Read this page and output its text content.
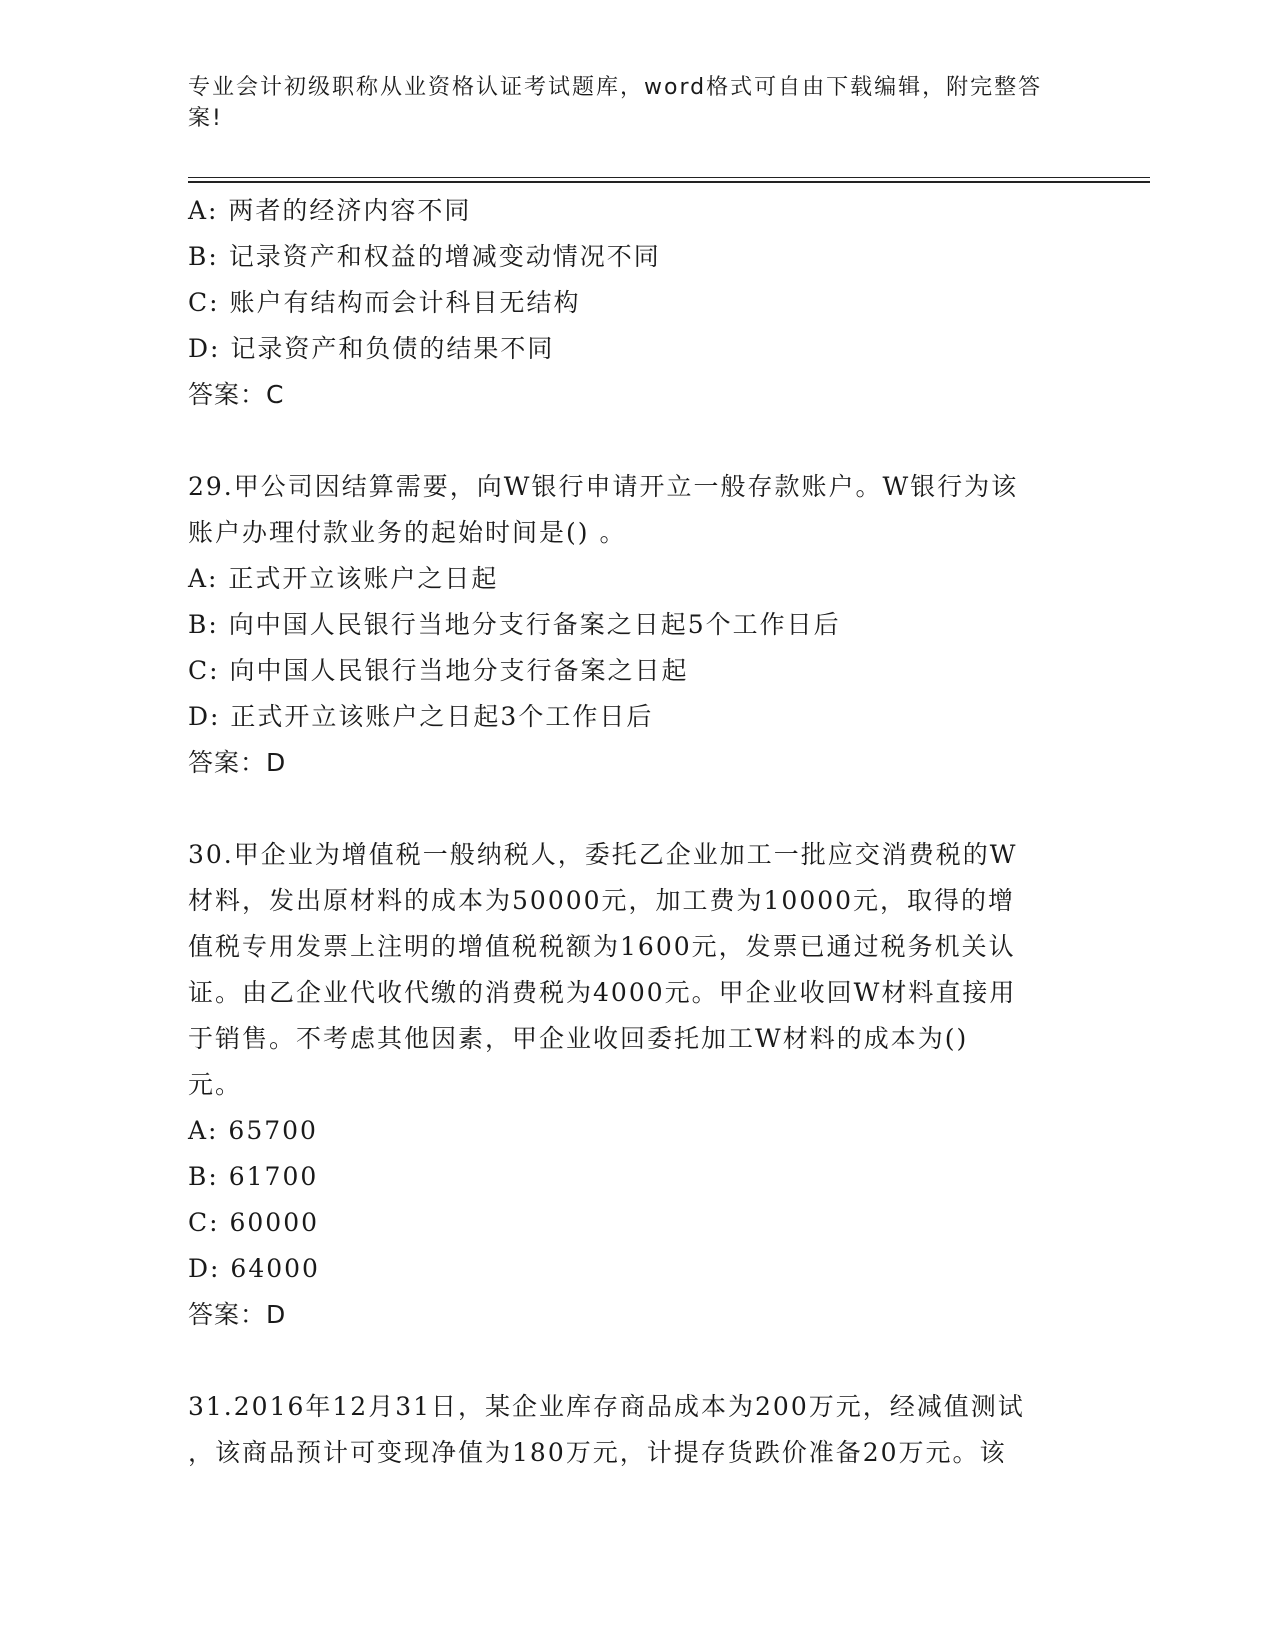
专业会计初级职称从业资格认证考试题库，word格式可自由下载编辑，附完整答
案!
A: 两者的经济内容不同
B: 记录资产和权益的增减变动情况不同
C: 账户有结构而会计科目无结构
D: 记录资产和负债的结果不同
答案：C
29.甲公司因结算需要，向W银行申请开立一般存款账户。W银行为该
账户办理付款业务的起始时间是() 。
A: 正式开立该账户之日起
B: 向中国人民银行当地分支行备案之日起5个工作日后
C: 向中国人民银行当地分支行备案之日起
D: 正式开立该账户之日起3个工作日后
答案：D
30.甲企业为增值税一般纳税人，委托乙企业加工一批应交消费税的W
材料，发出原材料的成本为50000元，加工费为10000元，取得的增
值税专用发票上注明的增值税税额为1600元，发票已通过税务机关认
证。由乙企业代收代缴的消费税为4000元。甲企业收回W材料直接用
于销售。不考虑其他因素，甲企业收回委托加工W材料的成本为()
元。
A: 65700
B: 61700
C: 60000
D: 64000
答案：D
31.2016年12月31日，某企业库存商品成本为200万元，经减值测试
，该商品预计可变现净值为180万元，计提存货跌价准备20万元。该
